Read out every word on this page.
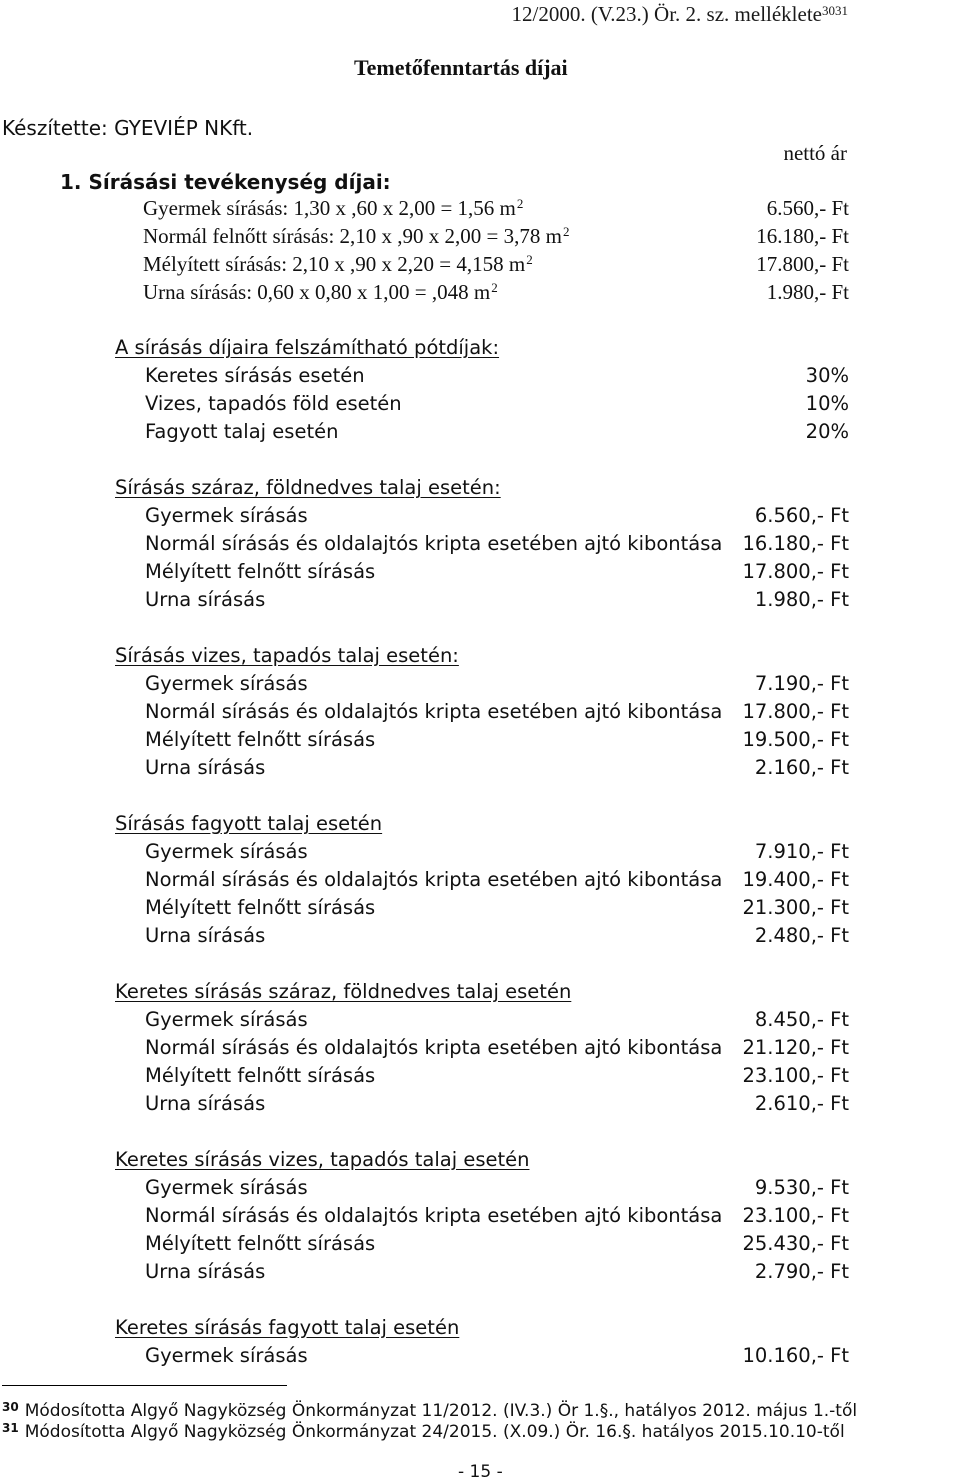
12/2000. (V.23.) Ör. 2. sz. melléklete$^{3031}$
Temetőfenntartás díjai
Készítette: GYEVIÉP NKft.
nettó ár
1. Sírásási tevékenység díjai:
Gyermek sírásás: 1,30 x ,60 x 2,00 = 1,56 $m^2$	6.560,- Ft
Normál felnőtt sírásás: 2,10 x ,90 x 2,00 = 3,78 $m^2$	16.180,- Ft
Mélyített sírásás: 2,10 x ,90 x 2,20 = 4,158 $m^2$	17.800,- Ft
Urna sírásás: 0,60 x 0,80 x 1,00 = ,048 $m^2$	1.980,- Ft
A sírásás díjaira felszámítható pótdíjak:
Keretes sírásás esetén	30%
Vizes, tapadós föld esetén	10%
Fagyott talaj esetén	20%
Sírásás száraz, földnedves talaj esetén:
Gyermek sírásás	6.560,- Ft
Normál sírásás és oldalajtós kripta esetében ajtó kibontása 16.180,- Ft
Mélyített felnőtt sírásás	17.800,- Ft
Urna sírásás	1.980,- Ft
Sírásás vizes, tapadós talaj esetén:
Gyermek sírásás	7.190,- Ft
Normál sírásás és oldalajtós kripta esetében ajtó kibontása 17.800,- Ft
Mélyített felnőtt sírásás	19.500,- Ft
Urna sírásás	2.160,- Ft
Sírásás fagyott talaj esetén
Gyermek sírásás	7.910,- Ft
Normál sírásás és oldalajtós kripta esetében ajtó kibontása 19.400,- Ft
Mélyített felnőtt sírásás	21.300,- Ft
Urna sírásás	2.480,- Ft
Keretes sírásás száraz, földnedves talaj esetén
Gyermek sírásás	8.450,- Ft
Normál sírásás és oldalajtós kripta esetében ajtó kibontása 21.120,- Ft
Mélyített felnőtt sírásás	23.100,- Ft
Urna sírásás	2.610,- Ft
Keretes sírásás vizes, tapadós talaj esetén
Gyermek sírásás	9.530,- Ft
Normál sírásás és oldalajtós kripta esetében ajtó kibontása 23.100,- Ft
Mélyített felnőtt sírásás	25.430,- Ft
Urna sírásás	2.790,- Ft
Keretes sírásás fagyott talaj esetén
Gyermek sírásás	10.160,- Ft
$^{30}$ Módosította Algyő Nagyközség Önkormányzat 11/2012. (IV.3.) Ör 1.§., hatályos 2012. május 1.-től
$^{31}$ Módosította Algyő Nagyközség Önkormányzat 24/2015. (X.09.) Ör. 16.§. hatályos 2015.10.10-től
- 15 -
